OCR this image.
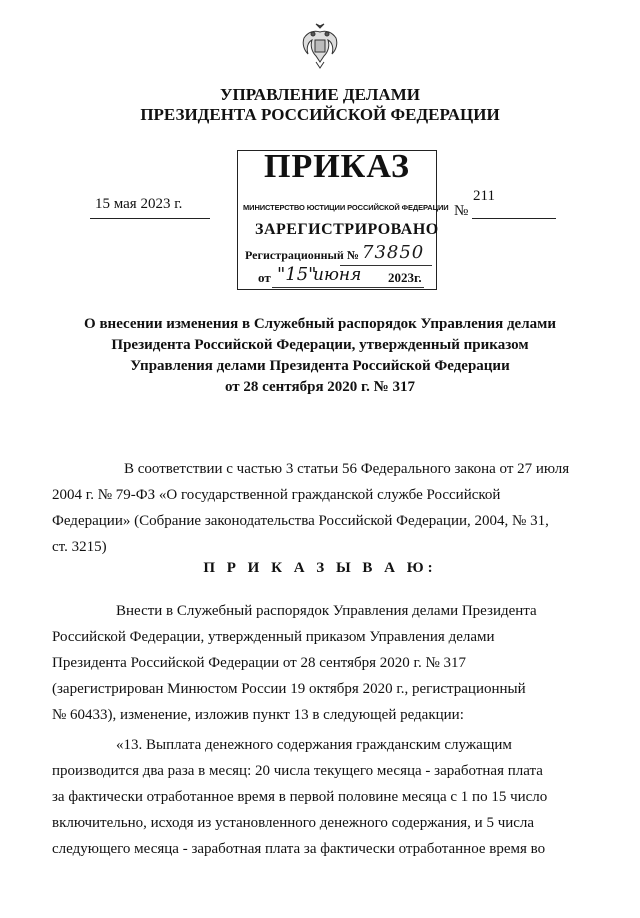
УПРАВЛЕНИЕ ДЕЛАМИ
ПРЕЗИДЕНТА РОССИЙСКОЙ ФЕДЕРАЦИИ
15 мая 2023 г.
ПРИКАЗ
МИНИСТЕРСТВО ЮСТИЦИИ РОССИЙСКОЙ ФЕДЕРАЦИИ
ЗАРЕГИСТРИРОВАНО
Регистрационный № 73850
от "15"
июня 2023г.
211
№
О внесении изменения в Служебный распорядок Управления делами
Президента Российской Федерации, утвержденный приказом
Управления делами Президента Российской Федерации
от 28 сентября 2020 г. № 317
В соответствии с частью 3 статьи 56 Федерального закона от 27 июля
2004 г. № 79-ФЗ «О государственной гражданской службе Российской
Федерации» (Собрание законодательства Российской Федерации, 2004, № 31,
ст. 3215)
П Р И К А З Ы В А Ю:
Внести в Служебный распорядок Управления делами Президента
Российской Федерации, утвержденный приказом Управления делами
Президента Российской Федерации от 28 сентября 2020 г. № 317
(зарегистрирован Минюстом России 19 октября 2020 г., регистрационный
№ 60433), изменение, изложив пункт 13 в следующей редакции:
«13. Выплата денежного содержания гражданским служащим
производится два раза в месяц: 20 числа текущего месяца - заработная плата
за фактически отработанное время в первой половине месяца с 1 по 15 число
включительно, исходя из установленного денежного содержания, и 5 числа
следующего месяца - заработная плата за фактически отработанное время во
